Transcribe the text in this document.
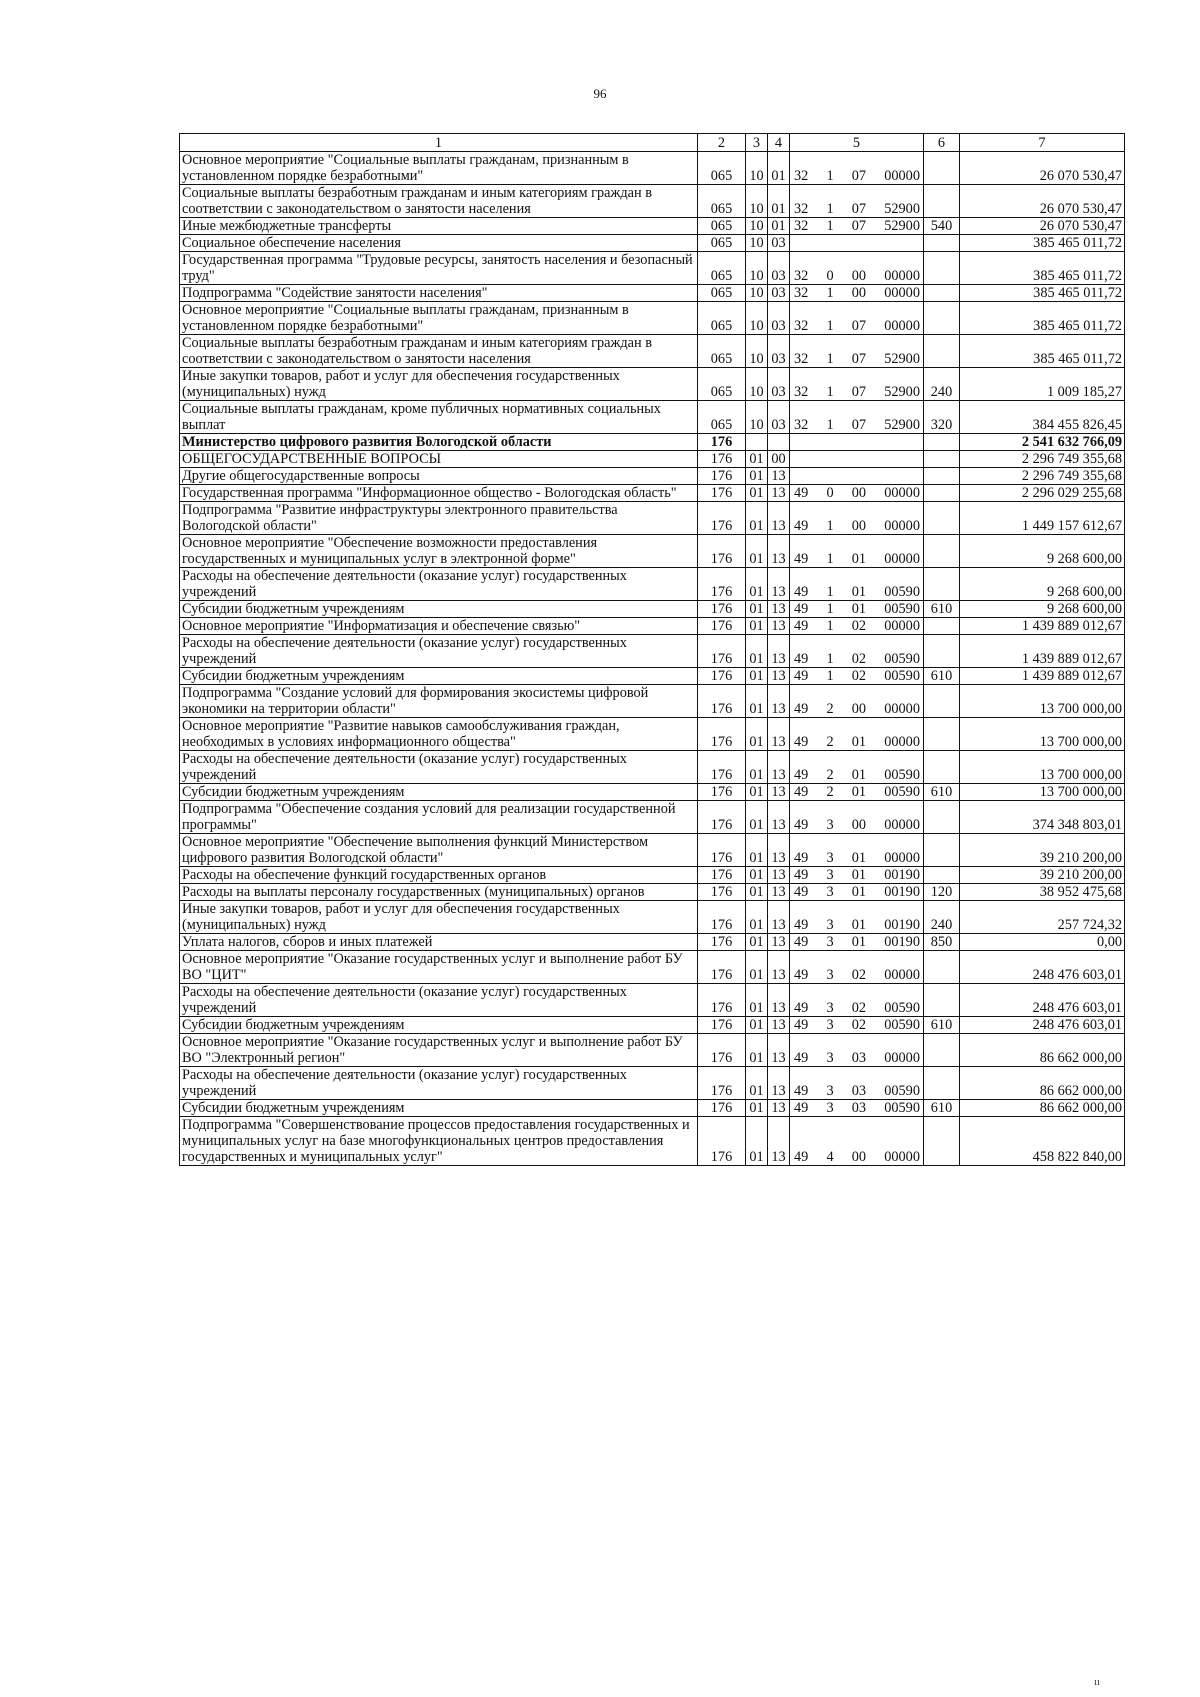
96
1	2	3	4	5	6	7
Основное мероприятие "Социальные выплаты гражданам, признанным в установленном порядке безработными"	065	10	01	32 1 07 00000		26 070 530,47
Социальные выплаты безработным гражданам и иным категориям граждан в соответствии с законодательством о занятости населения	065	10	01	32 1 07 52900		26 070 530,47
Иные межбюджетные трансферты	065	10	01	32 1 07 52900	540	26 070 530,47
Социальное обеспечение населения	065	10	03			385 465 011,72
Государственная программа "Трудовые ресурсы, занятость населения и безопасный труд"	065	10	03	32 0 00 00000		385 465 011,72
Подпрограмма "Содействие занятости населения"	065	10	03	32 1 00 00000		385 465 011,72
Основное мероприятие "Социальные выплаты гражданам, признанным в установленном порядке безработными"	065	10	03	32 1 07 00000		385 465 011,72
Социальные выплаты безработным гражданам и иным категориям граждан в соответствии с законодательством о занятости населения	065	10	03	32 1 07 52900		385 465 011,72
Иные закупки товаров, работ и услуг для обеспечения государственных (муниципальных) нужд	065	10	03	32 1 07 52900	240	1 009 185,27
Социальные выплаты гражданам, кроме публичных нормативных социальных выплат	065	10	03	32 1 07 52900	320	384 455 826,45
Министерство цифрового развития Вологодской области	176					2 541 632 766,09
ОБЩЕГОСУДАРСТВЕННЫЕ ВОПРОСЫ	176	01	00			2 296 749 355,68
Другие общегосударственные вопросы	176	01	13			2 296 749 355,68
Государственная программа "Информационное общество - Вологодская область"	176	01	13	49 0 00 00000		2 296 029 255,68
Подпрограмма "Развитие инфраструктуры электронного правительства Вологодской области"	176	01	13	49 1 00 00000		1 449 157 612,67
Основное мероприятие "Обеспечение возможности предоставления государственных и муниципальных услуг в электронной форме"	176	01	13	49 1 01 00000		9 268 600,00
Расходы на обеспечение деятельности (оказание услуг) государственных учреждений	176	01	13	49 1 01 00590		9 268 600,00
Субсидии бюджетным учреждениям	176	01	13	49 1 01 00590	610	9 268 600,00
Основное мероприятие "Информатизация и обеспечение связью"	176	01	13	49 1 02 00000		1 439 889 012,67
Расходы на обеспечение деятельности (оказание услуг) государственных учреждений	176	01	13	49 1 02 00590		1 439 889 012,67
Субсидии бюджетным учреждениям	176	01	13	49 1 02 00590	610	1 439 889 012,67
Подпрограмма "Создание условий для формирования экосистемы цифровой экономики на территории области"	176	01	13	49 2 00 00000		13 700 000,00
Основное мероприятие "Развитие навыков самообслуживания граждан, необходимых в условиях информационного общества"	176	01	13	49 2 01 00000		13 700 000,00
Расходы на обеспечение деятельности (оказание услуг) государственных учреждений	176	01	13	49 2 01 00590		13 700 000,00
Субсидии бюджетным учреждениям	176	01	13	49 2 01 00590	610	13 700 000,00
Подпрограмма "Обеспечение создания условий для реализации государственной программы"	176	01	13	49 3 00 00000		374 348 803,01
Основное мероприятие "Обеспечение выполнения функций Министерством цифрового развития Вологодской области"	176	01	13	49 3 01 00000		39 210 200,00
Расходы на обеспечение функций государственных органов	176	01	13	49 3 01 00190		39 210 200,00
Расходы на выплаты персоналу государственных (муниципальных) органов	176	01	13	49 3 01 00190	120	38 952 475,68
Иные закупки товаров, работ и услуг для обеспечения государственных (муниципальных) нужд	176	01	13	49 3 01 00190	240	257 724,32
Уплата налогов, сборов и иных платежей	176	01	13	49 3 01 00190	850	0,00
Основное мероприятие "Оказание государственных услуг и выполнение работ БУ ВО "ЦИТ"	176	01	13	49 3 02 00000		248 476 603,01
Расходы на обеспечение деятельности (оказание услуг) государственных учреждений	176	01	13	49 3 02 00590		248 476 603,01
Субсидии бюджетным учреждениям	176	01	13	49 3 02 00590	610	248 476 603,01
Основное мероприятие "Оказание государственных услуг и выполнение работ БУ ВО "Электронный регион"	176	01	13	49 3 03 00000		86 662 000,00
Расходы на обеспечение деятельности (оказание услуг) государственных учреждений	176	01	13	49 3 03 00590		86 662 000,00
Субсидии бюджетным учреждениям	176	01	13	49 3 03 00590	610	86 662 000,00
Подпрограмма "Совершенствование процессов предоставления государственных и муниципальных услуг на базе многофункциональных центров предоставления государственных и муниципальных услуг"	176	01	13	49 4 00 00000		458 822 840,00
ıı
